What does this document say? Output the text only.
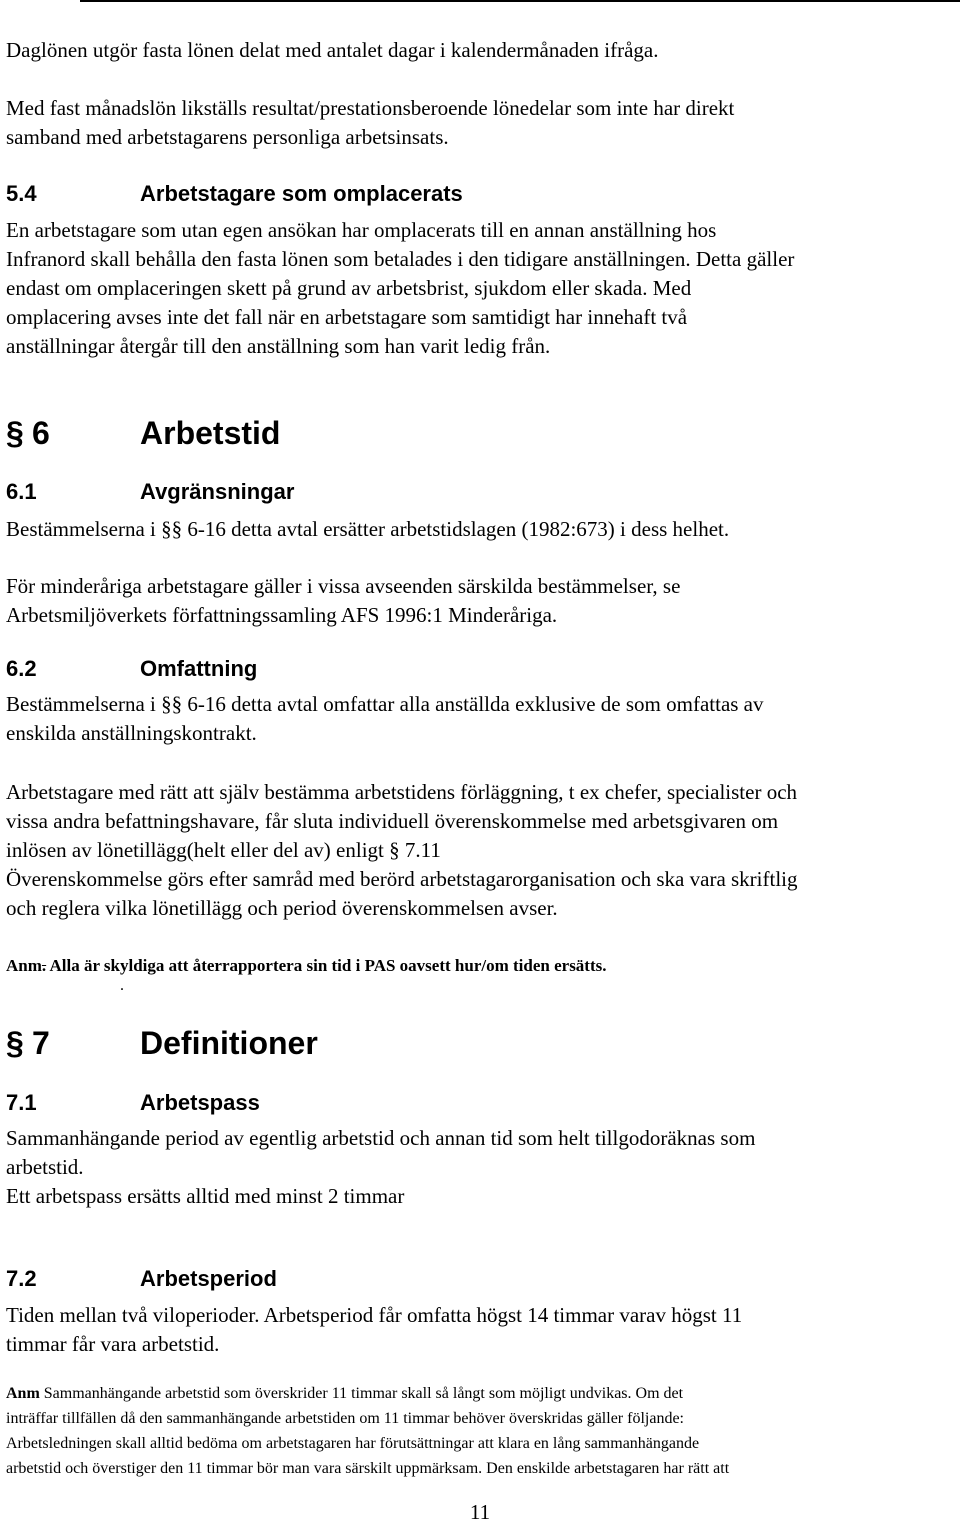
Daglönen utgör fasta lönen delat med antalet dagar i kalendermånaden ifråga.

Med fast månadslön likställs resultat/prestationsberoende lönedelar som inte har direkt

samband med arbetstagarens personliga arbetsinsats.

5.4	Arbetstagare som omplacerats

En arbetstagare som utan egen ansökan har omplacerats till en annan anställning hos

Infranord skall behålla den fasta lönen som betalades i den tidigare anställningen. Detta gäller

endast om omplaceringen skett på grund av arbetsbrist, sjukdom eller skada. Med

omplacering avses inte det fall när en arbetstagare som samtidigt har innehaft två

anställningar återgår till den anställning som han varit ledig från.

§ 6	Arbetstid
6.1	Avgränsningar

Bestämmelserna i §§ 6-16 detta avtal ersätter arbetstidslagen (1982:673) i dess helhet.

För minderåriga arbetstagare gäller i vissa avseenden särskilda bestämmelser, se

Arbetsmiljöverkets författningssamling AFS 1996:1 Minderåriga.

6.2	Omfattning

Bestämmelserna i §§ 6-16 detta avtal omfattar alla anställda exklusive de som omfattas av

enskilda anställningskontrakt.

Arbetstagare med rätt att själv bestämma arbetstidens förläggning, t ex chefer, specialister och

vissa andra befattningshavare, får sluta individuell överenskommelse med arbetsgivaren om

inlösen av lönetillägg(helt eller del av) enligt § 7.11

Överenskommelse görs efter samråd med berörd arbetstagarorganisation och ska vara skriftlig

och reglera vilka lönetillägg och period överenskommelsen avser.

Anm. Alla är skyldiga att återrapportera sin tid i PAS oavsett hur/om tiden ersätts.
.
§ 7	Definitioner
7.1	Arbetspass

Sammanhängande period av egentlig arbetstid och annan tid som helt tillgodoräknas som

arbetstid.

Ett arbetspass ersätts alltid med minst 2 timmar

7.2	Arbetsperiod

Tiden mellan två viloperioder. Arbetsperiod får omfatta högst 14 timmar varav högst 11

timmar får vara arbetstid.

Anm Sammanhängande arbetstid som överskrider 11 timmar skall så långt som möjligt undvikas. Om det

inträffar tillfällen då den sammanhängande arbetstiden om 11 timmar behöver överskridas gäller följande:

Arbetsledningen skall alltid bedöma om arbetstagaren har förutsättningar att klara en lång sammanhängande

arbetstid och överstiger den 11 timmar bör man vara särskilt uppmärksam. Den enskilde arbetstagaren har rätt att

11
